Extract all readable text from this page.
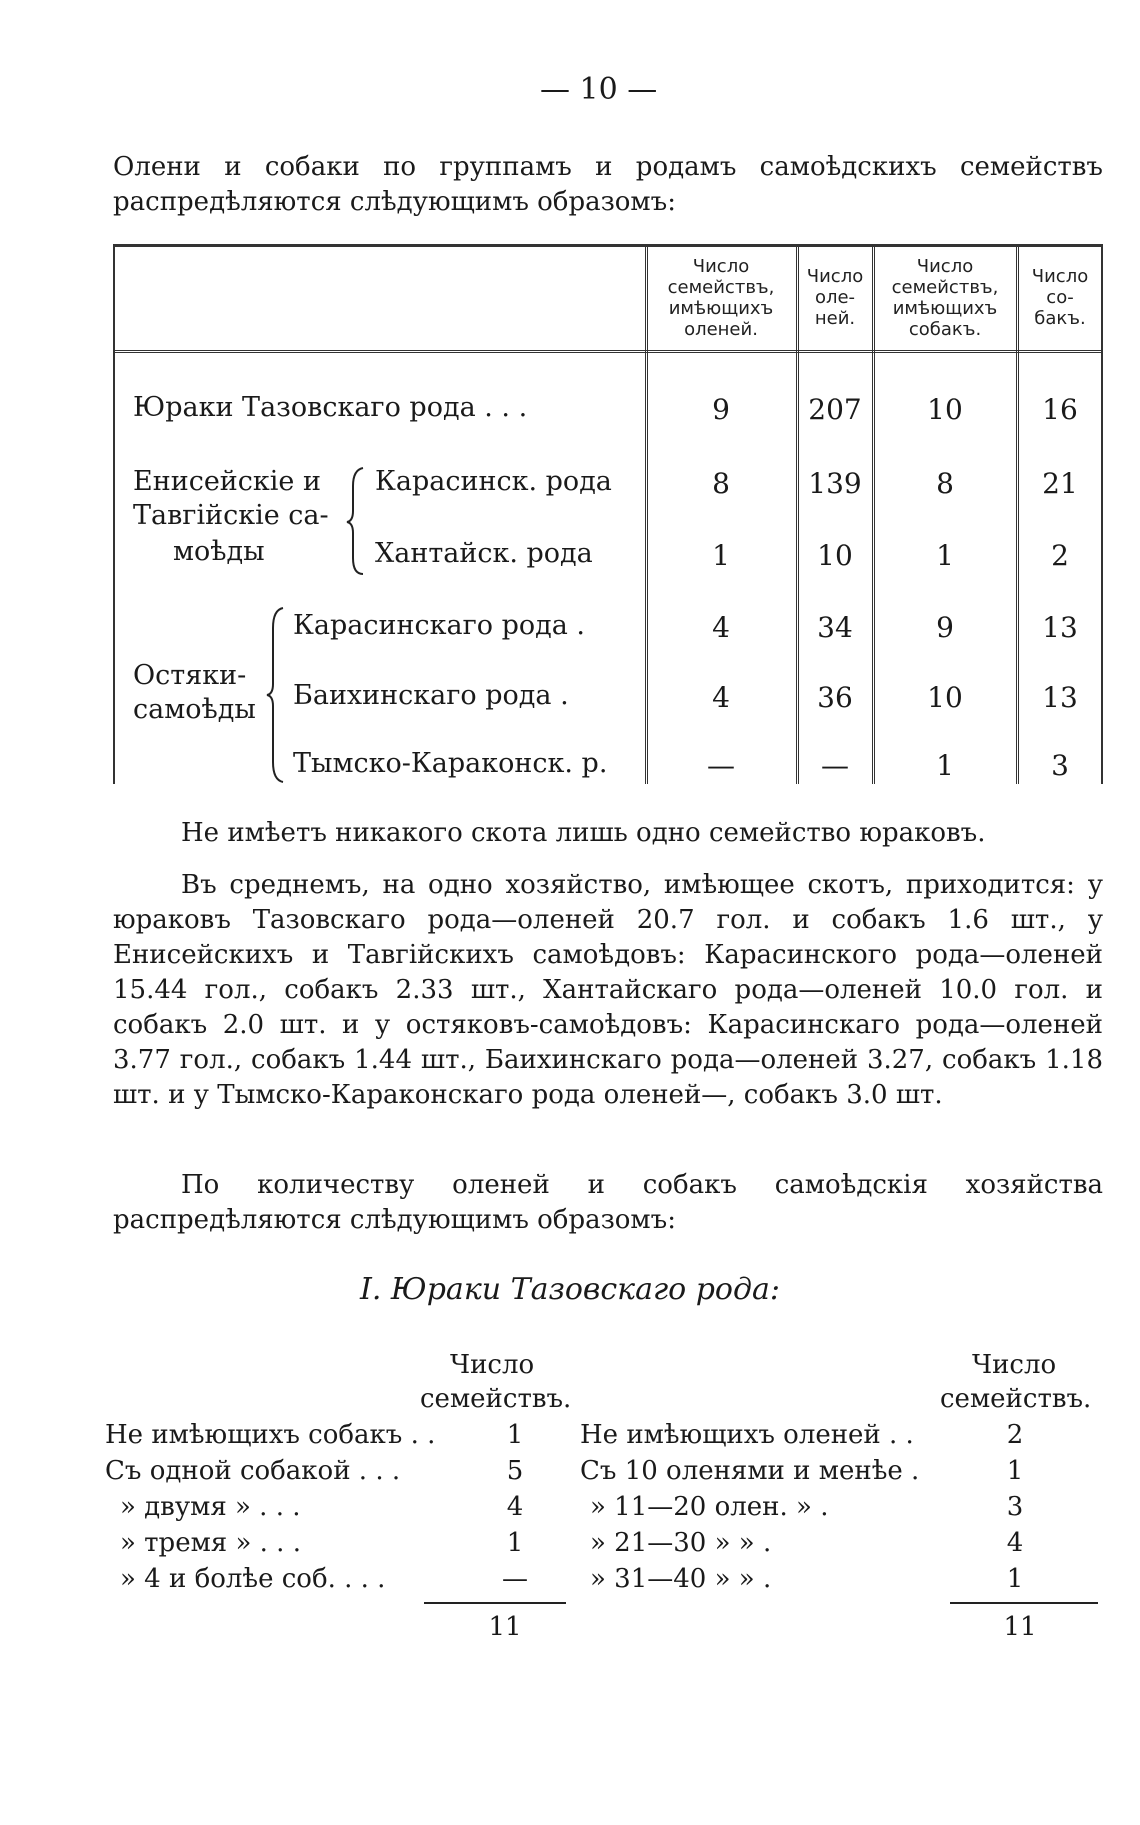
— 10 —
Олени и собаки по группамъ и родамъ самоѣдскихъ семействъ
распредѣляются слѣдующимъ образомъ:
Число семействъ, имѣющихъ оленей.
Число оле-ней.
Число семействъ, имѣющихъ собакъ.
Число со-бакъ.
Юраки Тазовскаго рода . . .	9	207	10	16
Енисейскіе и
Тавгійскіе са-
моѣды
Карасинск. рода	8	139	8	21
Хантайск. рода	1	10	1	2
Остяки-
самоѣды
Карасинскаго рода .	4	34	9	13
Баихинскаго рода .	4	36	10	13
Тымско-Караконск. р.	—	—	1	3
Не имѣетъ никакого скота лишь одно семейство юраковъ.
Въ среднемъ, на одно хозяйство, имѣющее скотъ, приходится: у юраковъ Тазовскаго рода—оленей 20.7 гол. и собакъ 1.6 шт., у Енисейскихъ и Тавгійскихъ самоѣдовъ: Карасинского рода—оленей 15.44 гол., собакъ 2.33 шт., Хантайскаго рода—оленей 10.0 гол. и собакъ 2.0 шт. и у остяковъ-самоѣдовъ: Карасинскаго рода—оленей 3.77 гол., собакъ 1.44 шт., Баихинскаго рода—оленей 3.27, собакъ 1.18 шт. и у Тымско-Караконскаго рода оленей—, собакъ 3.0 шт.
По количеству оленей и собакъ самоѣдскія хозяйства распредѣляются слѣдующимъ образомъ:
I. Юраки Тазовскаго рода:
Число
семействъ.
Не имѣющихъ собакъ . .	1
Съ одной собакой . . .	5
» двумя » . . .	4
» тремя » . . .	1
» 4 и болѣе соб. . . .	—
11
Число
семействъ.
Не имѣющихъ оленей . .	2
Съ 10 оленями и менѣе .	1
» 11—20 олен. » .	3
» 21—30 » » .	4
» 31—40 » » .	1
11
